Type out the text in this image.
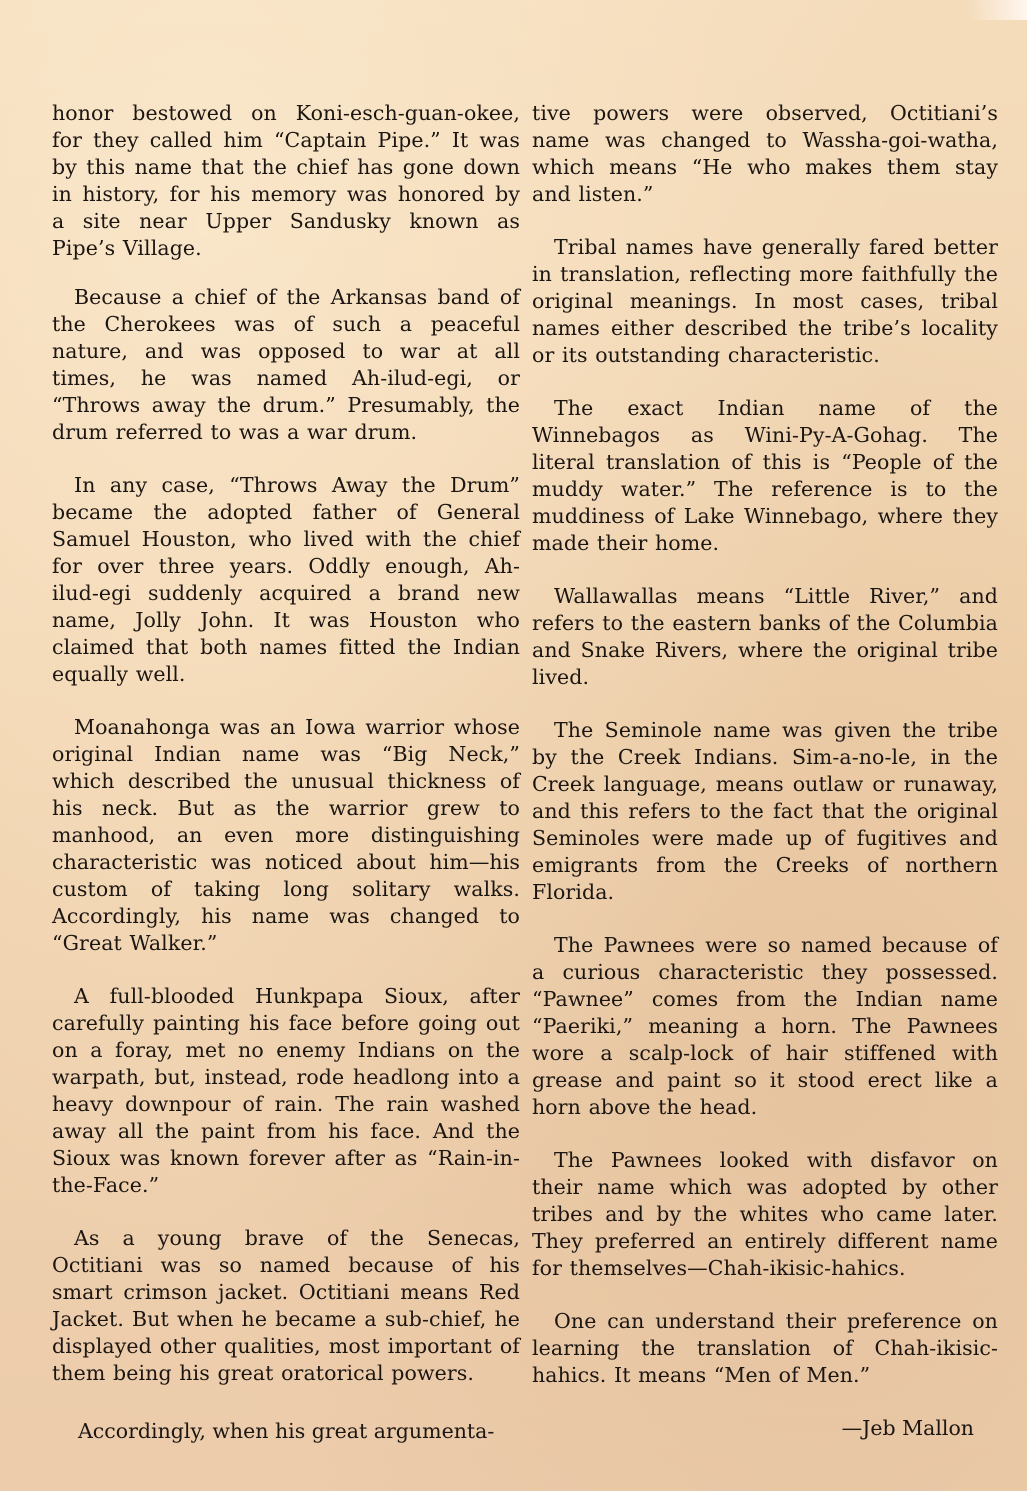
honor bestowed on Koni-esch-guan-okee, for they called him “Captain Pipe.” It was by this name that the chief has gone down in history, for his memory was honored by a site near Upper Sandusky known as Pipe’s Village.

Because a chief of the Arkansas band of the Cherokees was of such a peaceful nature, and was opposed to war at all times, he was named Ah-ilud-egi, or “Throws away the drum.” Presumably, the drum referred to was a war drum.

In any case, “Throws Away the Drum” became the adopted father of General Samuel Houston, who lived with the chief for over three years. Oddly enough, Ah-ilud-egi suddenly acquired a brand new name, Jolly John. It was Houston who claimed that both names fitted the Indian equally well.

Moanahonga was an Iowa warrior whose original Indian name was “Big Neck,” which described the unusual thickness of his neck. But as the warrior grew to manhood, an even more distinguishing characteristic was noticed about him—his custom of taking long solitary walks. Accordingly, his name was changed to “Great Walker.”

A full-blooded Hunkpapa Sioux, after carefully painting his face before going out on a foray, met no enemy Indians on the warpath, but, instead, rode headlong into a heavy downpour of rain. The rain washed away all the paint from his face. And the Sioux was known forever after as “Rain-in-the-Face.”

As a young brave of the Senecas, Octitiani was so named because of his smart crimson jacket. Octitiani means Red Jacket. But when he became a sub-chief, he displayed other qualities, most important of them being his great oratorical powers.

Accordingly, when his great argumenta-

tive powers were observed, Octitiani’s name was changed to Wassha-goi-watha, which means “He who makes them stay and listen.”

Tribal names have generally fared better in translation, reflecting more faithfully the original meanings. In most cases, tribal names either described the tribe’s locality or its outstanding characteristic.

The exact Indian name of the Winnebagos as Wini-Py-A-Gohag. The literal translation of this is “People of the muddy water.” The reference is to the muddiness of Lake Winnebago, where they made their home.

Wallawallas means “Little River,” and refers to the eastern banks of the Columbia and Snake Rivers, where the original tribe lived.

The Seminole name was given the tribe by the Creek Indians. Sim-a-no-le, in the Creek language, means outlaw or runaway, and this refers to the fact that the original Seminoles were made up of fugitives and emigrants from the Creeks of northern Florida.

The Pawnees were so named because of a curious characteristic they possessed. “Pawnee” comes from the Indian name “Paeriki,” meaning a horn. The Pawnees wore a scalp-lock of hair stiffened with grease and paint so it stood erect like a horn above the head.

The Pawnees looked with disfavor on their name which was adopted by other tribes and by the whites who came later. They preferred an entirely different name for themselves—Chah-ikisic-hahics.

One can understand their preference on learning the translation of Chah-ikisic-hahics. It means “Men of Men.”

—Jeb Mallon
